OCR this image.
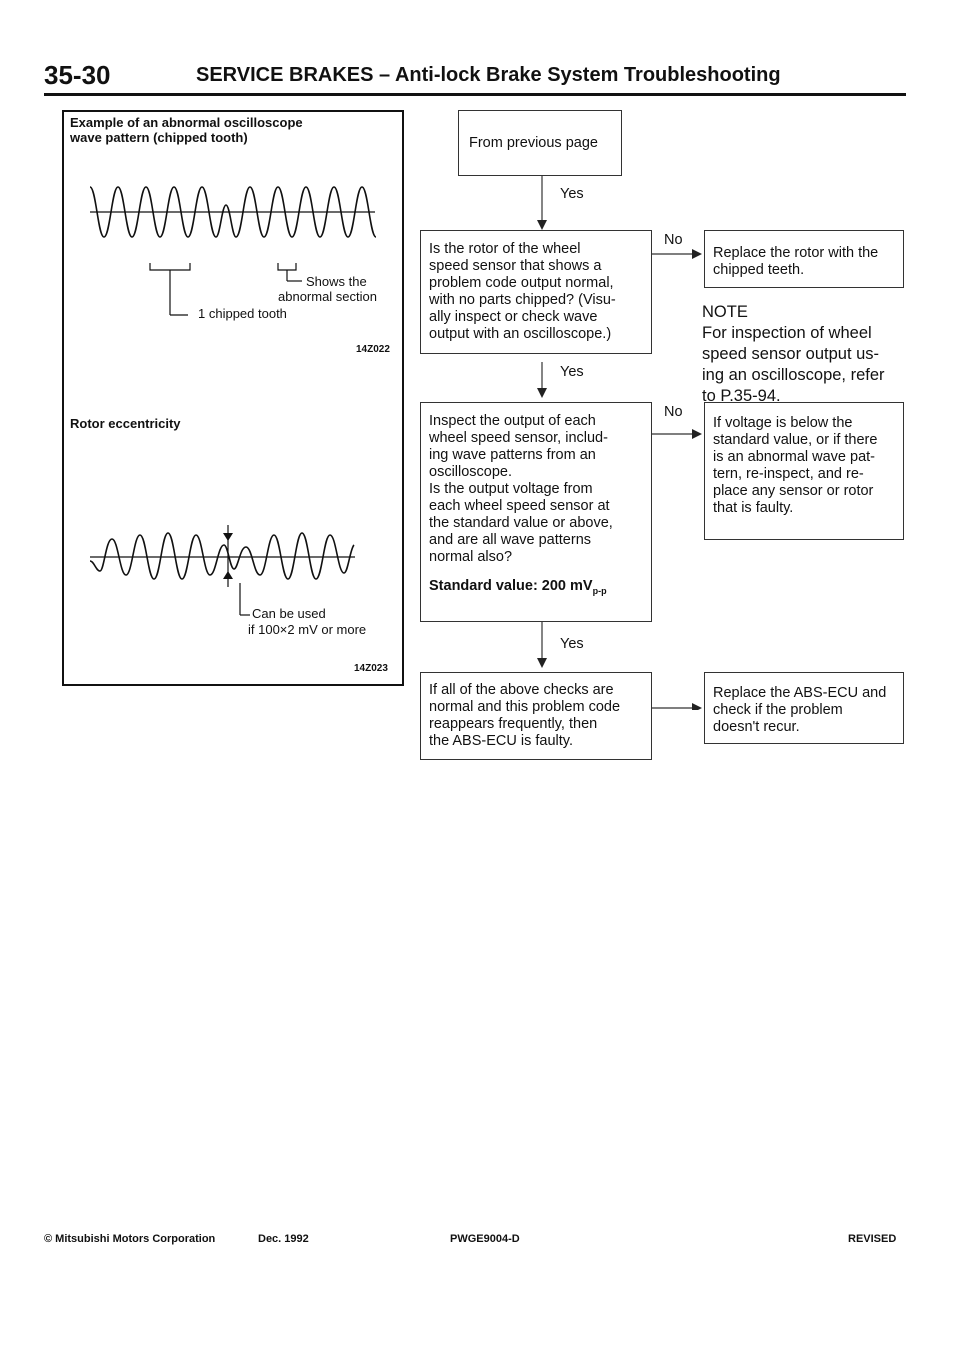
35-30	SERVICE BRAKES – Anti-lock Brake System Troubleshooting
Example of an abnormal oscilloscope
wave pattern (chipped tooth)
Shows the
abnormal section
1 chipped tooth
14Z022
Rotor eccentricity
Can be used
if 100×2 mV or more
14Z023
From previous page
Yes
Is the rotor of the wheel
speed sensor that shows a
problem code output normal,
with no parts chipped? (Visu-
ally inspect or check wave
output with an oscilloscope.)
No
Replace the rotor with the
chipped teeth.
NOTE
For inspection of wheel
speed sensor output us-
ing an oscilloscope, refer
to P.35-94.
Yes
Inspect the output of each
wheel speed sensor, includ-
ing wave patterns from an
oscilloscope.
Is the output voltage from
each wheel speed sensor at
the standard value or above,
and are all wave patterns
normal also?
Standard value: 200 $mV_{p-p}$
No
If voltage is below the
standard value, or if there
is an abnormal wave pat-
tern, re-inspect, and re-
place any sensor or rotor
that is faulty.
Yes
If all of the above checks are
normal and this problem code
reappears frequently, then
the ABS-ECU is faulty.
Replace the ABS-ECU and
check if the problem
doesn't recur.
© Mitsubishi Motors Corporation	Dec. 1992	PWGE9004-D	REVISED
